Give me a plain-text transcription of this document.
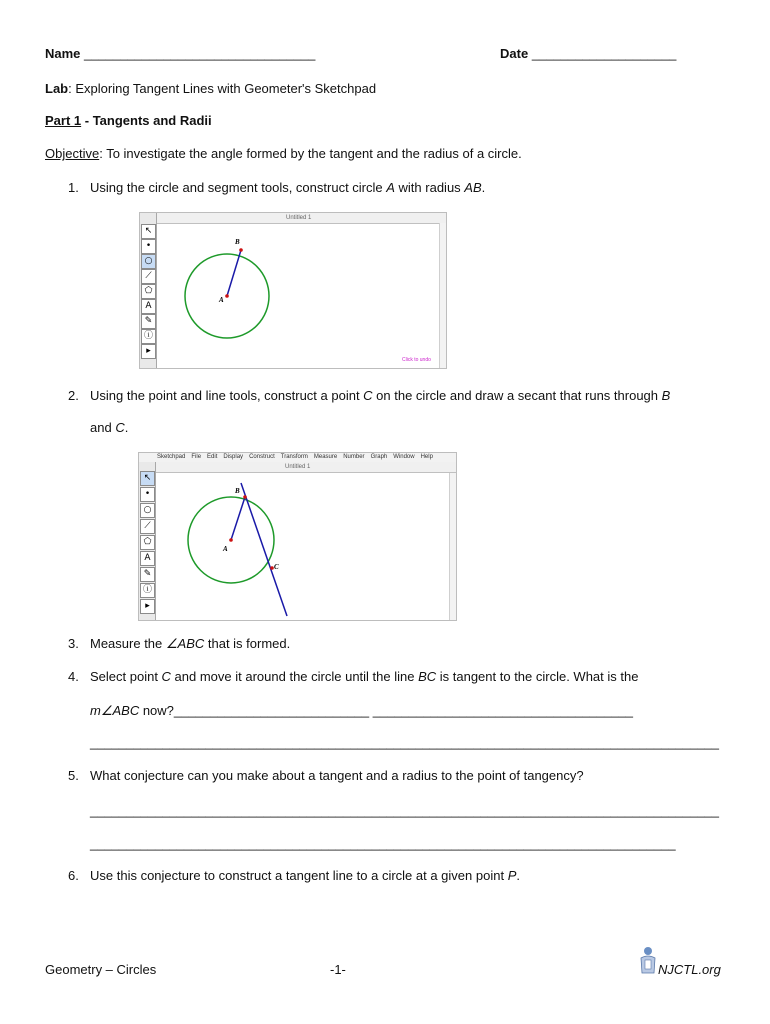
Name ________________________________	Date ____________________
Lab: Exploring Tangent Lines with Geometer's Sketchpad
Part 1 - Tangents and Radii
Objective: To investigate the angle formed by the tangent and the radius of a circle.
1. Using the circle and segment tools, construct circle A with radius AB.
Untitled 1
↖
•
○
⟋
⬠
A
✎
ⓘ
▸
A
B
Click to undo
2. Using the point and line tools, construct a point C on the circle and draw a secant that runs through B
and C.
Sketchpad File Edit Display Construct Transform Measure Number Graph Window Help
Untitled 1
↖
•
○
⟋
⬠
A
✎
ⓘ
▸
A
B
C
3. Measure the ∠ABC that is formed.
4. Select point C and move it around the circle until the line BC is tangent to the circle. What is the
m∠ABC now?___________________________ ____________________________________
_______________________________________________________________________________________
5. What conjecture can you make about a tangent and a radius to the point of tangency?
_______________________________________________________________________________________
_________________________________________________________________________________
6. Use this conjecture to construct a tangent line to a circle at a given point P.
Geometry – Circles	-1-	NJCTL.org
